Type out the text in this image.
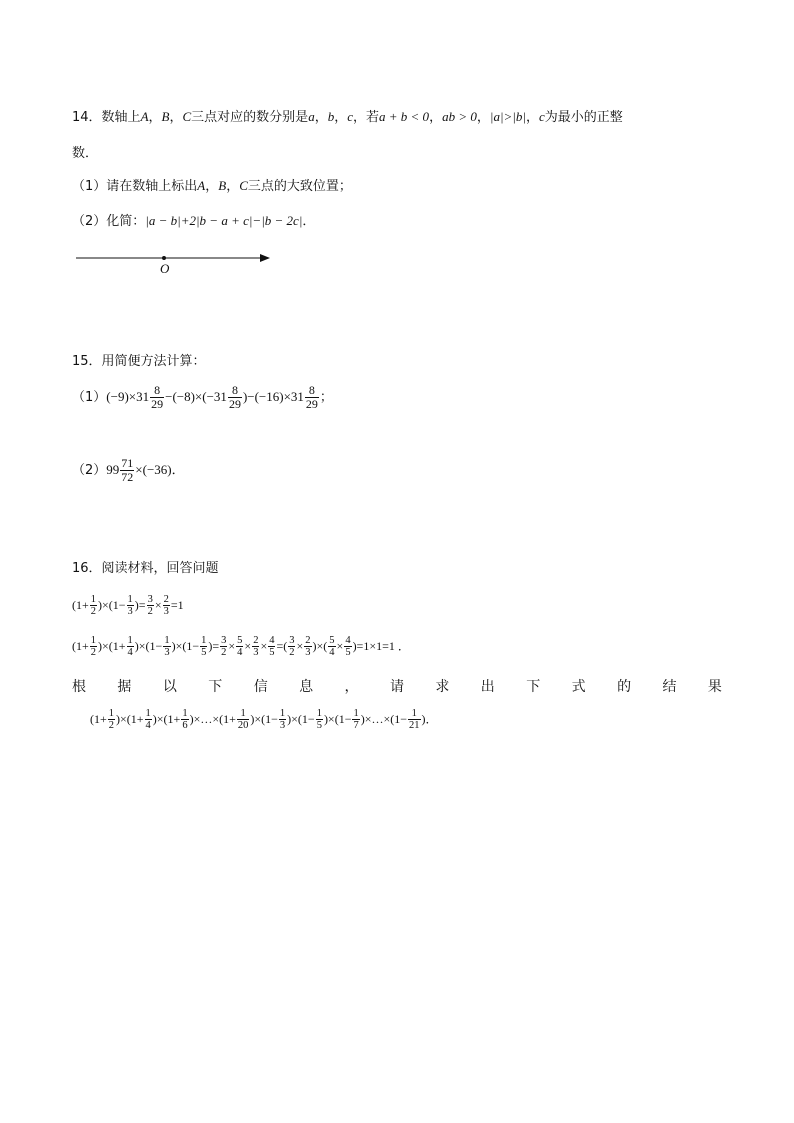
14．数轴上A，B，C三点对应的数分别是a，b，c，若a + b < 0，ab > 0，|a|>|b|，c为最小的正整
数．
（1）请在数轴上标出A，B，C三点的大致位置；
（2）化简：|a − b|+2|b − a + c|−|b − 2c|．
O
15．用简便方法计算：
$(1)(-9)\times 31 \frac{8}{29} -(-8)\times(-31 \frac{8}{29} )-(-16)\times 31 \frac{8}{29}$ ；
$(2)99 \frac{71}{72} \times(-36)$．
16．阅读材料，回答问题
$(1+ \frac{1}{2} )\times(1- \frac{1}{3}$ )= $\frac{3}{2} \times \frac{2}{3} =1$
$(1+ \frac{1}{2} )\times(1+ \frac{1}{4} )\times(1- \frac{1}{3} )\times(1- \frac{1}{5}$ )= $\frac{3}{2} \times \frac{5}{4} \times \frac{2}{3} \times \frac{4}{5}$ =( $\frac{3}{2} \times \frac{2}{3}$ )×( $\frac{5}{4} \times \frac{4}{5} )=1\times 1=1$ ．
根 据 以 下 信 息 ， 请 求 出 下 式 的 结 果
$(1+ \frac{1}{2} )\times(1+ \frac{1}{4} )\times(1+ \frac{1}{6}$ )×…×(1+ $\frac{1}{20} )\times(1- \frac{1}{3} )\times(1- \frac{1}{5} )\times(1- \frac{1}{7}$ )×…×(1− $\frac{1}{21}$ )．
